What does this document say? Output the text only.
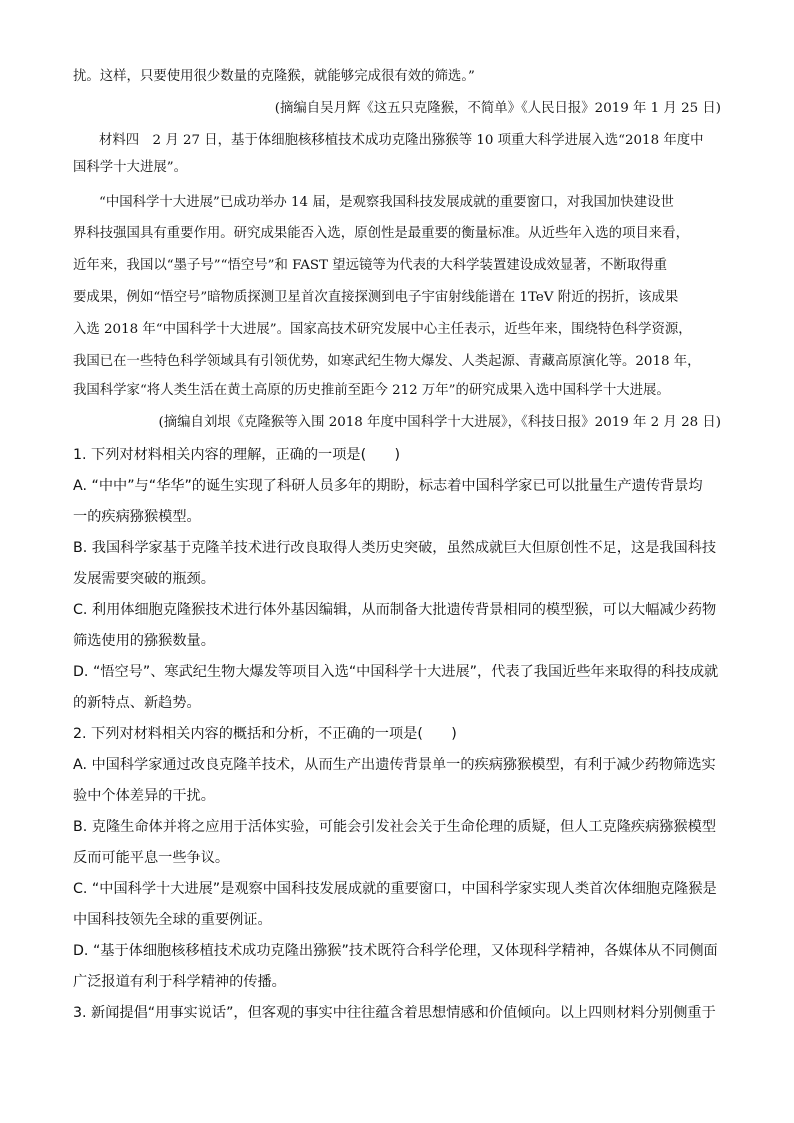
扰。这样，只要使用很少数量的克隆猴，就能够完成很有效的筛选。”
(摘编自吴月辉《这五只克隆猴，不简单》《人民日报》2019 年 1 月 25 日)
材料四　2 月 27 日，基于体细胞核移植技术成功克隆出猕猴等 10 项重大科学进展入选“2018 年度中
国科学十大进展”。
“中国科学十大进展”已成功举办 14 届，是观察我国科技发展成就的重要窗口，对我国加快建设世
界科技强国具有重要作用。研究成果能否入选，原创性是最重要的衡量标准。从近些年入选的项目来看，
近年来，我国以“墨子号”“悟空号”和 FAST 望远镜等为代表的大科学装置建设成效显著，不断取得重
要成果，例如“悟空号”暗物质探测卫星首次直接探测到电子宇宙射线能谱在 1TeV 附近的拐折，该成果
入选 2018 年“中国科学十大进展”。国家高技术研究发展中心主任表示，近些年来，围绕特色科学资源，
我国已在一些特色科学领域具有引领优势，如寒武纪生物大爆发、人类起源、青藏高原演化等。2018 年，
我国科学家“将人类生活在黄土高原的历史推前至距今 212 万年”的研究成果入选中国科学十大进展。
(摘编自刘垠《克隆猴等入围 2018 年度中国科学十大进展》，《科技日报》2019 年 2 月 28 日)
1. 下列对材料相关内容的理解，正确的一项是(　　)
A. “中中”与“华华”的诞生实现了科研人员多年的期盼，标志着中国科学家已可以批量生产遗传背景均
一的疾病猕猴模型。
B. 我国科学家基于克隆羊技术进行改良取得人类历史突破，虽然成就巨大但原创性不足，这是我国科技
发展需要突破的瓶颈。
C. 利用体细胞克隆猴技术进行体外基因编辑，从而制备大批遗传背景相同的模型猴，可以大幅减少药物
筛选使用的猕猴数量。
D. “悟空号”、寒武纪生物大爆发等项目入选“中国科学十大进展”，代表了我国近些年来取得的科技成就
的新特点、新趋势。
2. 下列对材料相关内容的概括和分析，不正确的一项是(　　)
A. 中国科学家通过改良克隆羊技术，从而生产出遗传背景单一的疾病猕猴模型，有利于减少药物筛选实
验中个体差异的干扰。
B. 克隆生命体并将之应用于活体实验，可能会引发社会关于生命伦理的质疑，但人工克隆疾病猕猴模型
反而可能平息一些争议。
C. “中国科学十大进展”是观察中国科技发展成就的重要窗口，中国科学家实现人类首次体细胞克隆猴是
中国科技领先全球的重要例证。
D. “基于体细胞核移植技术成功克隆出猕猴”技术既符合科学伦理，又体现科学精神，各媒体从不同侧面
广泛报道有利于科学精神的传播。
3. 新闻提倡“用事实说话”，但客观的事实中往往蕴含着思想情感和价值倾向。以上四则材料分别侧重于
